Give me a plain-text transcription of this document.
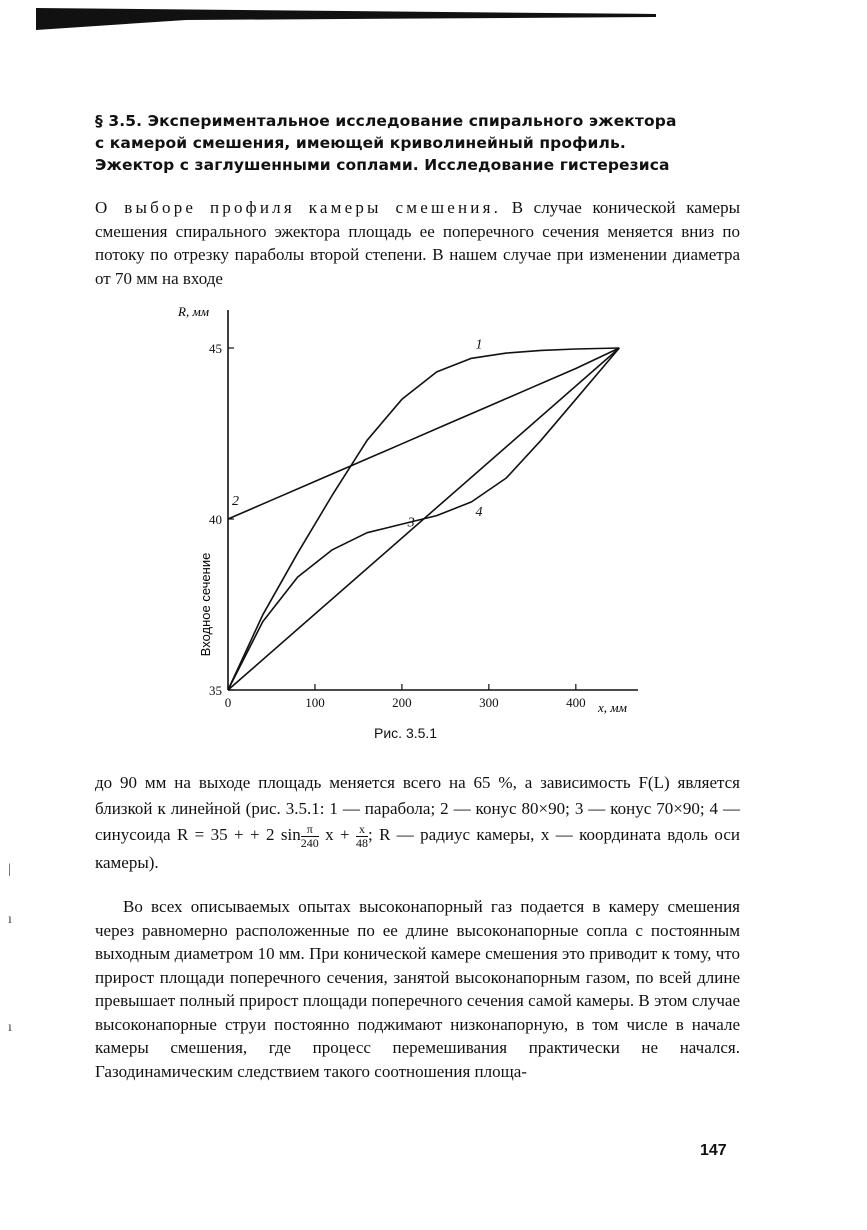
§ 3.5. Экспериментальное исследование спирального эжектора
с камерой смешения, имеющей криволинейный профиль.
Эжектор с заглушенными соплами. Исследование гистерезиса

О выборе профиля камеры смешения. В случае конической камеры смешения спирального эжектора площадь ее поперечного сечения меняется вниз по потоку по отрезку параболы второй степени. В нашем случае при изменении диаметра от 70 мм на входе

R, мм
Входное сечение
x, мм
0	100	200	300	400
35
40
45	1
2
3
4
Рис. 3.5.1

до 90 мм на выходе площадь меняется всего на 65 %, а зависимость F(L) является близкой к линейной (рис. 3.5.1: 1 — парабола; 2 — конус 80×90; 3 — конус 70×90; 4 — синусоида R = 35 + + 2 $\sin \frac{\pi}{240}$ $x + \frac{x}{48}$ ; R — радиус камеры, x — координата вдоль оси камеры).

Во всех описываемых опытах высоконапорный газ подается в камеру смешения через равномерно расположенные по ее длине высоконапорные сопла с постоянным выходным диаметром 10 мм. При конической камере смешения это приводит к тому, что прирост площади поперечного сечения, занятой высоконапорным газом, по всей длине превышает полный прирост площади поперечного сечения самой камеры. В этом случае высоконапорные струи постоянно поджимают низконапорную, в том числе в начале камеры смешения, где процесс перемешивания практически не начался. Газодинамическим следствием такого соотношения площа-

147
|
ı
ı
